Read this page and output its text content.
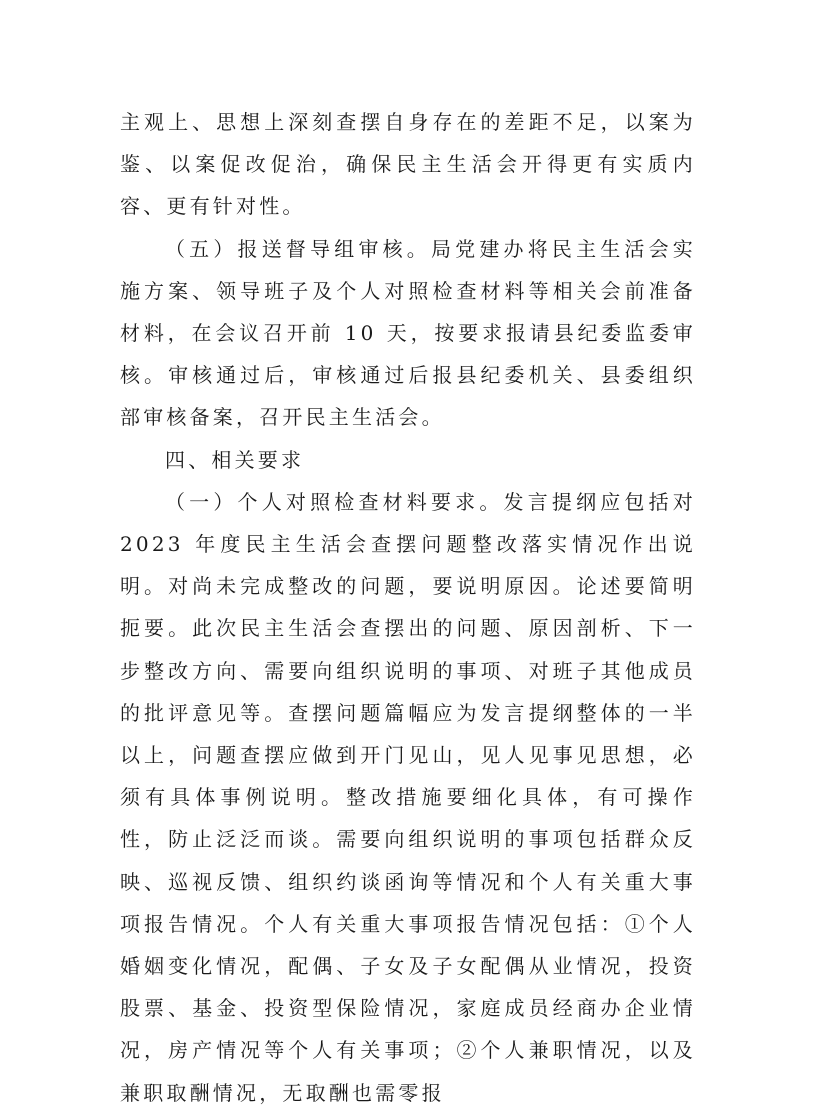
主观上、思想上深刻查摆自身存在的差距不足，以案为鉴、以案促改促治，确保民主生活会开得更有实质内容、更有针对性。

（五）报送督导组审核。局党建办将民主生活会实施方案、领导班子及个人对照检查材料等相关会前准备材料，在会议召开前 10 天，按要求报请县纪委监委审核。审核通过后，审核通过后报县纪委机关、县委组织部审核备案，召开民主生活会。

四、相关要求

（一）个人对照检查材料要求。发言提纲应包括对 2023 年度民主生活会查摆问题整改落实情况作出说明。对尚未完成整改的问题，要说明原因。论述要简明扼要。此次民主生活会查摆出的问题、原因剖析、下一步整改方向、需要向组织说明的事项、对班子其他成员的批评意见等。查摆问题篇幅应为发言提纲整体的一半以上，问题查摆应做到开门见山，见人见事见思想，必须有具体事例说明。整改措施要细化具体，有可操作性，防止泛泛而谈。需要向组织说明的事项包括群众反映、巡视反馈、组织约谈函询等情况和个人有关重大事项报告情况。个人有关重大事项报告情况包括：①个人婚姻变化情况，配偶、子女及子女配偶从业情况，投资股票、基金、投资型保险情况，家庭成员经商办企业情况，房产情况等个人有关事项；②个人兼职情况，以及兼职取酬情况，无取酬也需零报
